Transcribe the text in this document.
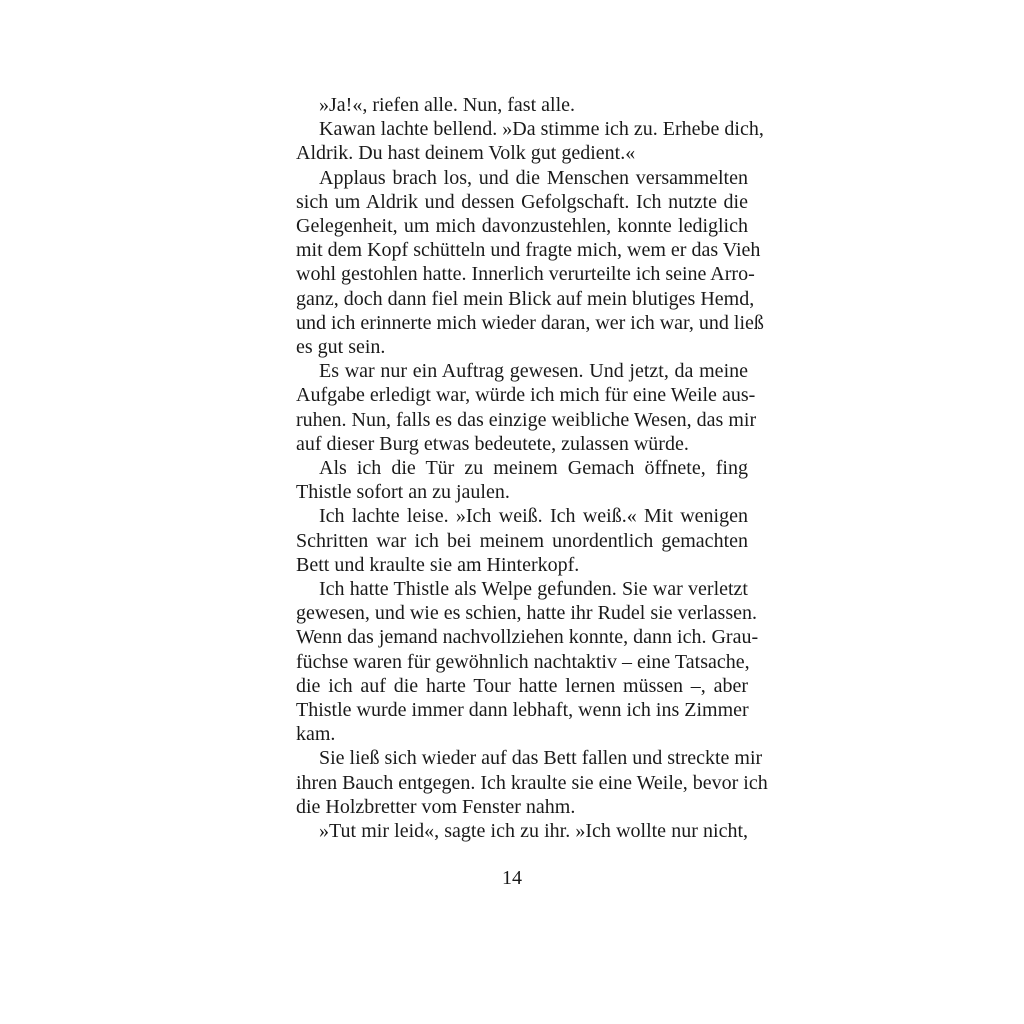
»Ja!«, riefen alle. Nun, fast alle.
Kawan lachte bellend. »Da stimme ich zu. Erhebe dich,
Aldrik. Du hast deinem Volk gut gedient.«
Applaus brach los, und die Menschen versammelten
sich um Aldrik und dessen Gefolgschaft. Ich nutzte die
Gelegenheit, um mich davonzustehlen, konnte lediglich
mit dem Kopf schütteln und fragte mich, wem er das Vieh
wohl gestohlen hatte. Innerlich verurteilte ich seine Arro-
ganz, doch dann fiel mein Blick auf mein blutiges Hemd,
und ich erinnerte mich wieder daran, wer ich war, und ließ
es gut sein.
Es war nur ein Auftrag gewesen. Und jetzt, da meine
Aufgabe erledigt war, würde ich mich für eine Weile aus-
ruhen. Nun, falls es das einzige weibliche Wesen, das mir
auf dieser Burg etwas bedeutete, zulassen würde.
Als ich die Tür zu meinem Gemach öffnete, fing
Thistle sofort an zu jaulen.
Ich lachte leise. »Ich weiß. Ich weiß.« Mit wenigen
Schritten war ich bei meinem unordentlich gemachten
Bett und kraulte sie am Hinterkopf.
Ich hatte Thistle als Welpe gefunden. Sie war verletzt
gewesen, und wie es schien, hatte ihr Rudel sie verlassen.
Wenn das jemand nachvollziehen konnte, dann ich. Grau-
füchse waren für gewöhnlich nachtaktiv – eine Tatsache,
die ich auf die harte Tour hatte lernen müssen –, aber
Thistle wurde immer dann lebhaft, wenn ich ins Zimmer
kam.
Sie ließ sich wieder auf das Bett fallen und streckte mir
ihren Bauch entgegen. Ich kraulte sie eine Weile, bevor ich
die Holzbretter vom Fenster nahm.
»Tut mir leid«, sagte ich zu ihr. »Ich wollte nur nicht,
14
